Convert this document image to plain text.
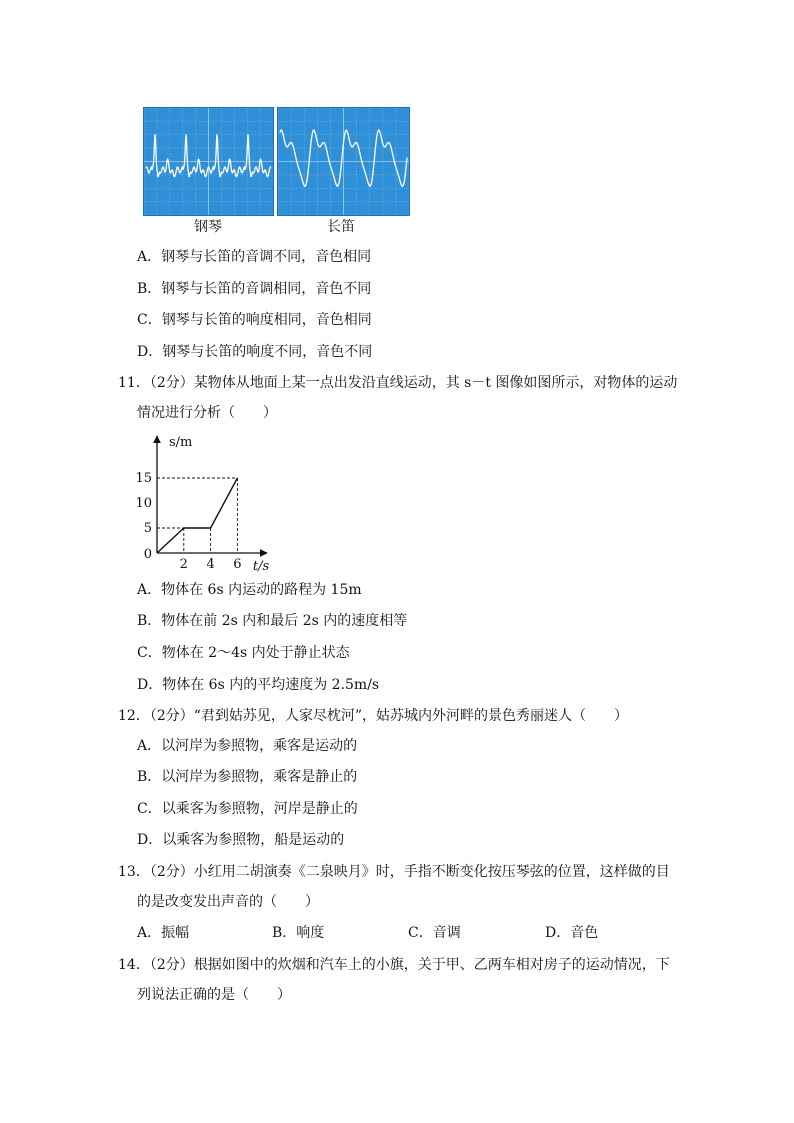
钢琴	长笛
A．钢琴与长笛的音调不同，音色相同
B．钢琴与长笛的音调相同，音色不同
C．钢琴与长笛的响度相同，音色相同
D．钢琴与长笛的响度不同，音色不同
11．（2分）某物体从地面上某一点出发沿直线运动，其 s－t 图像如图所示，对物体的运动
情况进行分析（　　）
2 4 6
5
10
15
0
t/s
s/m
A．物体在 6s 内运动的路程为 15m
B．物体在前 2s 内和最后 2s 内的速度相等
C．物体在 2～4s 内处于静止状态
D．物体在 6s 内的平均速度为 2.5m/s
12．（2分）“君到姑苏见，人家尽枕河”，姑苏城内外河畔的景色秀丽迷人（　　）
A．以河岸为参照物，乘客是运动的
B．以河岸为参照物，乘客是静止的
C．以乘客为参照物，河岸是静止的
D．以乘客为参照物，船是运动的
13．（2分）小红用二胡演奏《二泉映月》时，手指不断变化按压琴弦的位置，这样做的目
的是改变发出声音的（　　）
A．振幅	B．响度	C．音调	D．音色
14．（2分）根据如图中的炊烟和汽车上的小旗，关于甲、乙两车相对房子的运动情况，下
列说法正确的是（　　）
